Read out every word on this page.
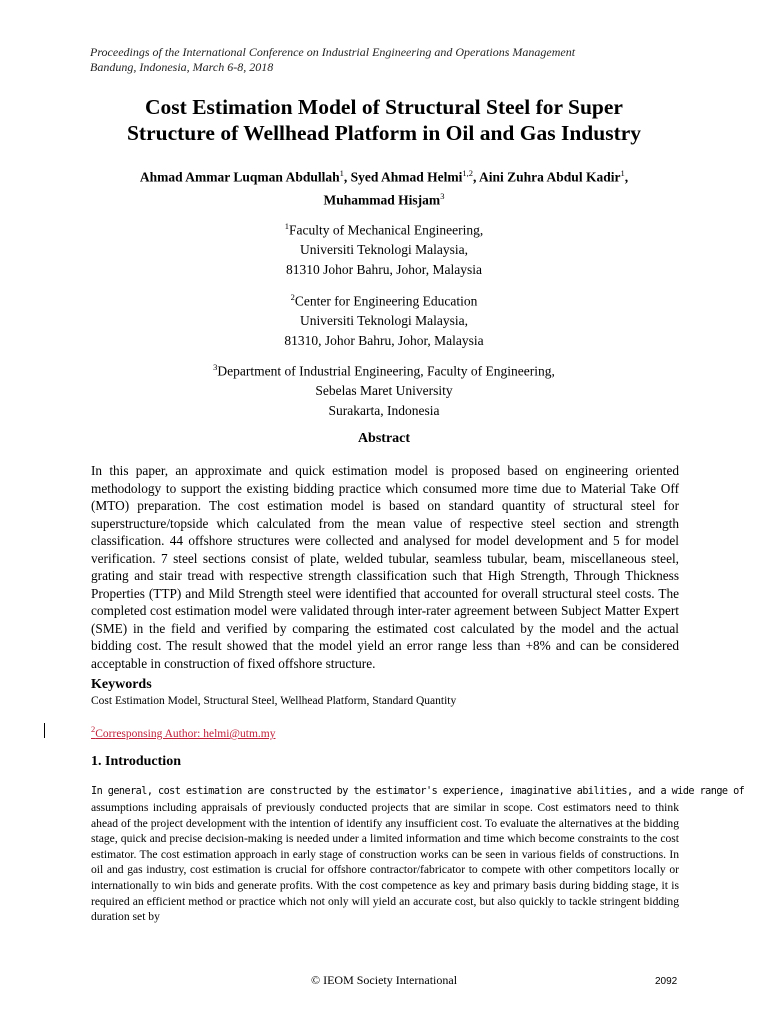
Proceedings of the International Conference on Industrial Engineering and Operations Management
Bandung, Indonesia, March 6-8, 2018
Cost Estimation Model of Structural Steel for Super
Structure of Wellhead Platform in Oil and Gas Industry
Ahmad Ammar Luqman Abdullah$^1$, Syed Ahmad Helmi$^{1,2}$, Aini Zuhra Abdul Kadir$^1$,
Muhammad Hisjam$^3$
$^1$Faculty of Mechanical Engineering,
Universiti Teknologi Malaysia,
81310 Johor Bahru, Johor, Malaysia
$^2$Center for Engineering Education
Universiti Teknologi Malaysia,
81310, Johor Bahru, Johor, Malaysia
$^3$Department of Industrial Engineering, Faculty of Engineering,
Sebelas Maret University
Surakarta, Indonesia
Abstract

In this paper, an approximate and quick estimation model is proposed based on engineering oriented methodology to support the existing bidding practice which consumed more time due to Material Take Off (MTO) preparation. The cost estimation model is based on standard quantity of structural steel for superstructure/topside which calculated from the mean value of respective steel section and strength classification. 44 offshore structures were collected and analysed for model development and 5 for model verification. 7 steel sections consist of plate, welded tubular, seamless tubular, beam, miscellaneous steel, grating and stair tread with respective strength classification such that High Strength, Through Thickness Properties (TTP) and Mild Strength steel were identified that accounted for overall structural steel costs. The completed cost estimation model were validated through inter-rater agreement between Subject Matter Expert (SME) in the field and verified by comparing the estimated cost calculated by the model and the actual bidding cost. The result showed that the model yield an error range less than +8% and can be considered acceptable in construction of fixed offshore structure.

Keywords
Cost Estimation Model, Structural Steel, Wellhead Platform, Standard Quantity
$^2$Corresponsing Author: helmi@utm.my
1. Introduction
In general, cost estimation are constructed by the estimator's experience, imaginative abilities, and a wide range of

assumptions including appraisals of previously conducted projects that are similar in scope. Cost estimators need to think ahead of the project development with the intention of identify any insufficient cost. To evaluate the alternatives at the bidding stage, quick and precise decision-making is needed under a limited information and time which become constraints to the cost estimator. The cost estimation approach in early stage of construction works can be seen in various fields of constructions. In oil and gas industry, cost estimation is crucial for offshore contractor/fabricator to compete with other competitors locally or internationally to win bids and generate profits. With the cost competence as key and primary basis during bidding stage, it is required an efficient method or practice which not only will yield an accurate cost, but also quickly to tackle stringent bidding duration set by

© IEOM Society International	2092
